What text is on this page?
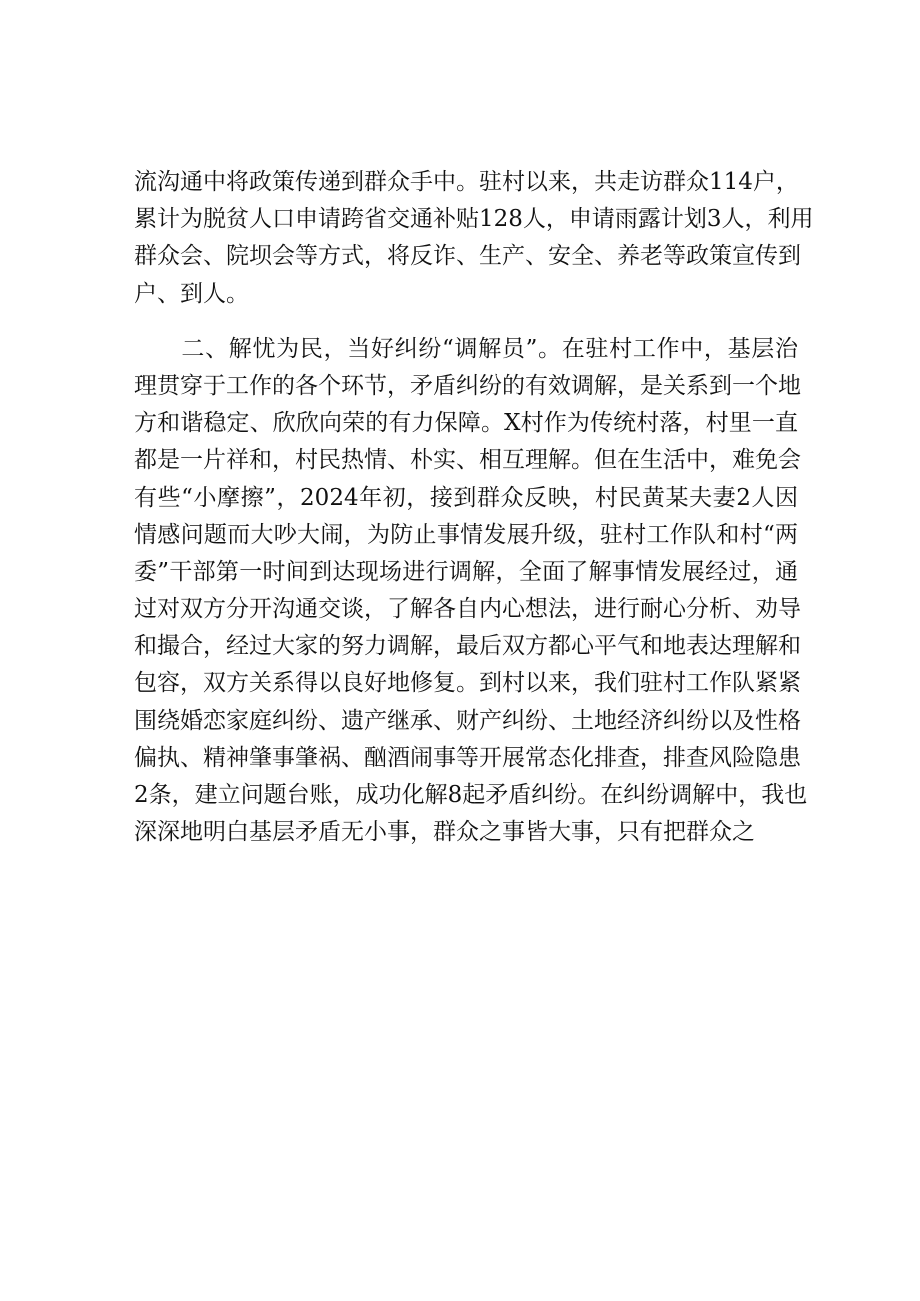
流沟通中将政策传递到群众手中。驻村以来，共走访群众114户，
累计为脱贫人口申请跨省交通补贴128人，申请雨露计划3人，利用
群众会、院坝会等方式，将反诈、生产、安全、养老等政策宣传到
户、到人。
　　二、解忧为民，当好纠纷“调解员”。在驻村工作中，基层治
理贯穿于工作的各个环节，矛盾纠纷的有效调解，是关系到一个地
方和谐稳定、欣欣向荣的有力保障。X村作为传统村落，村里一直
都是一片祥和，村民热情、朴实、相互理解。但在生活中，难免会
有些“小摩擦”，2024年初，接到群众反映，村民黄某夫妻2人因
情感问题而大吵大闹，为防止事情发展升级，驻村工作队和村“两
委”干部第一时间到达现场进行调解，全面了解事情发展经过，通
过对双方分开沟通交谈，了解各自内心想法，进行耐心分析、劝导
和撮合，经过大家的努力调解，最后双方都心平气和地表达理解和
包容，双方关系得以良好地修复。到村以来，我们驻村工作队紧紧
围绕婚恋家庭纠纷、遗产继承、财产纠纷、土地经济纠纷以及性格
偏执、精神肇事肇祸、酗酒闹事等开展常态化排查，排查风险隐患
2条，建立问题台账，成功化解8起矛盾纠纷。在纠纷调解中，我也
深深地明白基层矛盾无小事，群众之事皆大事，只有把群众之
